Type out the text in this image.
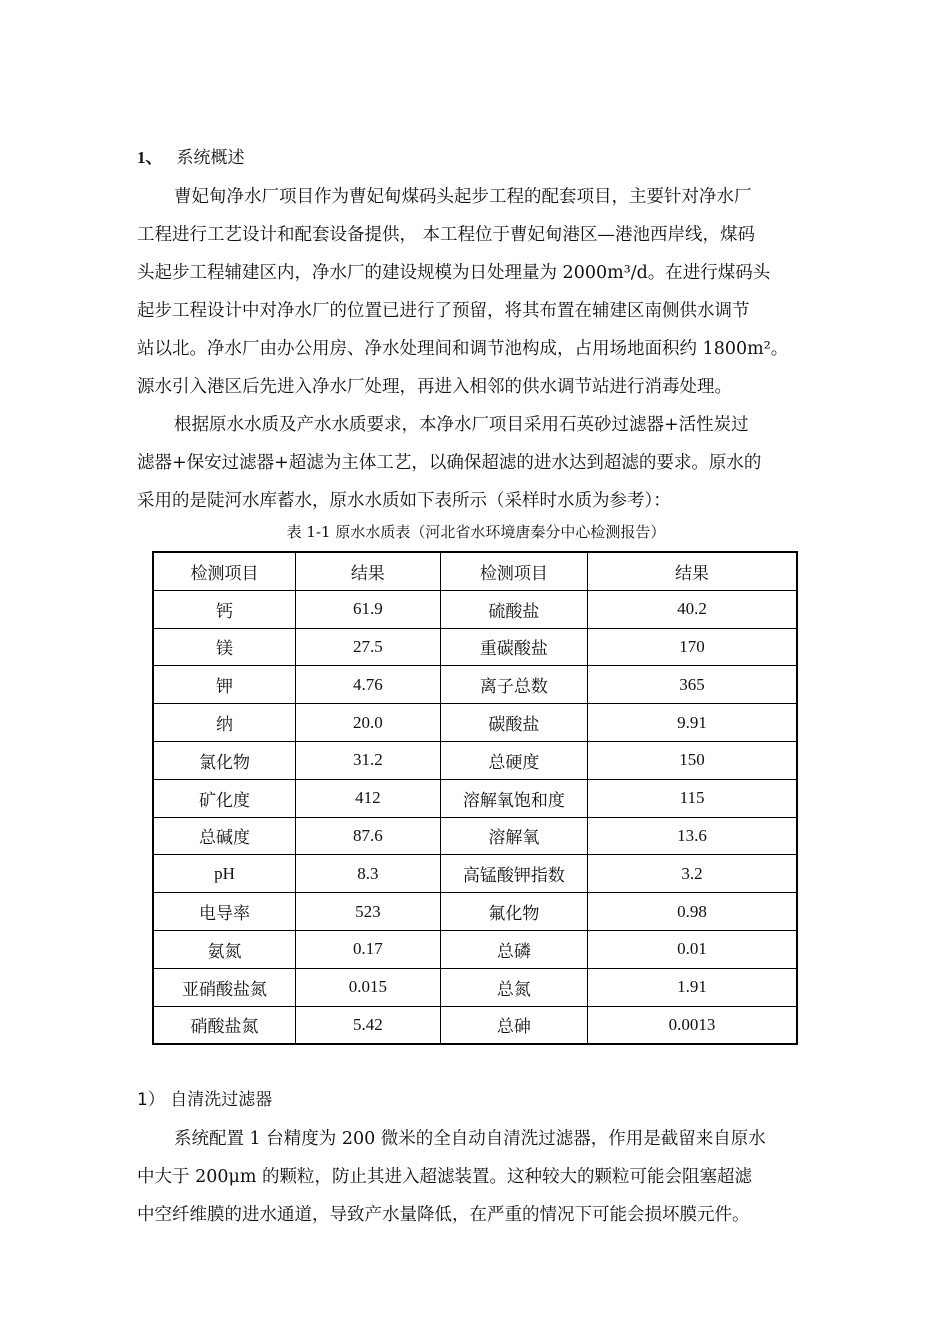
1、 系统概述

曹妃甸净水厂项目作为曹妃甸煤码头起步工程的配套项目，主要针对净水厂
工程进行工艺设计和配套设备提供， 本工程位于曹妃甸港区—港池西岸线，煤码
头起步工程辅建区内，净水厂的建设规模为日处理量为 2000m³/d。在进行煤码头
起步工程设计中对净水厂的位置已进行了预留，将其布置在辅建区南侧供水调节
站以北。净水厂由办公用房、净水处理间和调节池构成，占用场地面积约 1800m²。
源水引入港区后先进入净水厂处理，再进入相邻的供水调节站进行消毒处理。

根据原水水质及产水水质要求，本净水厂项目采用石英砂过滤器+活性炭过
滤器+保安过滤器+超滤为主体工艺，以确保超滤的进水达到超滤的要求。原水的
采用的是陡河水库蓄水，原水水质如下表所示（采样时水质为参考）：

表 1-1 原水水质表（河北省水环境唐秦分中心检测报告）
检测项目	结果	检测项目	结果
钙	61.9	硫酸盐	40.2
镁	27.5	重碳酸盐	170
钾	4.76	离子总数	365
纳	20.0	碳酸盐	9.91
氯化物	31.2	总硬度	150
矿化度	412	溶解氧饱和度	115
总碱度	87.6	溶解氧	13.6
pH	8.3	高锰酸钾指数	3.2
电导率	523	氟化物	0.98
氨氮	0.17	总磷	0.01
亚硝酸盐氮	0.015	总氮	1.91
硝酸盐氮	5.42	总砷	0.0013
1） 自清洗过滤器

系统配置 1 台精度为 200 微米的全自动自清洗过滤器，作用是截留来自原水
中大于 200μm 的颗粒，防止其进入超滤装置。这种较大的颗粒可能会阻塞超滤
中空纤维膜的进水通道，导致产水量降低，在严重的情况下可能会损坏膜元件。
